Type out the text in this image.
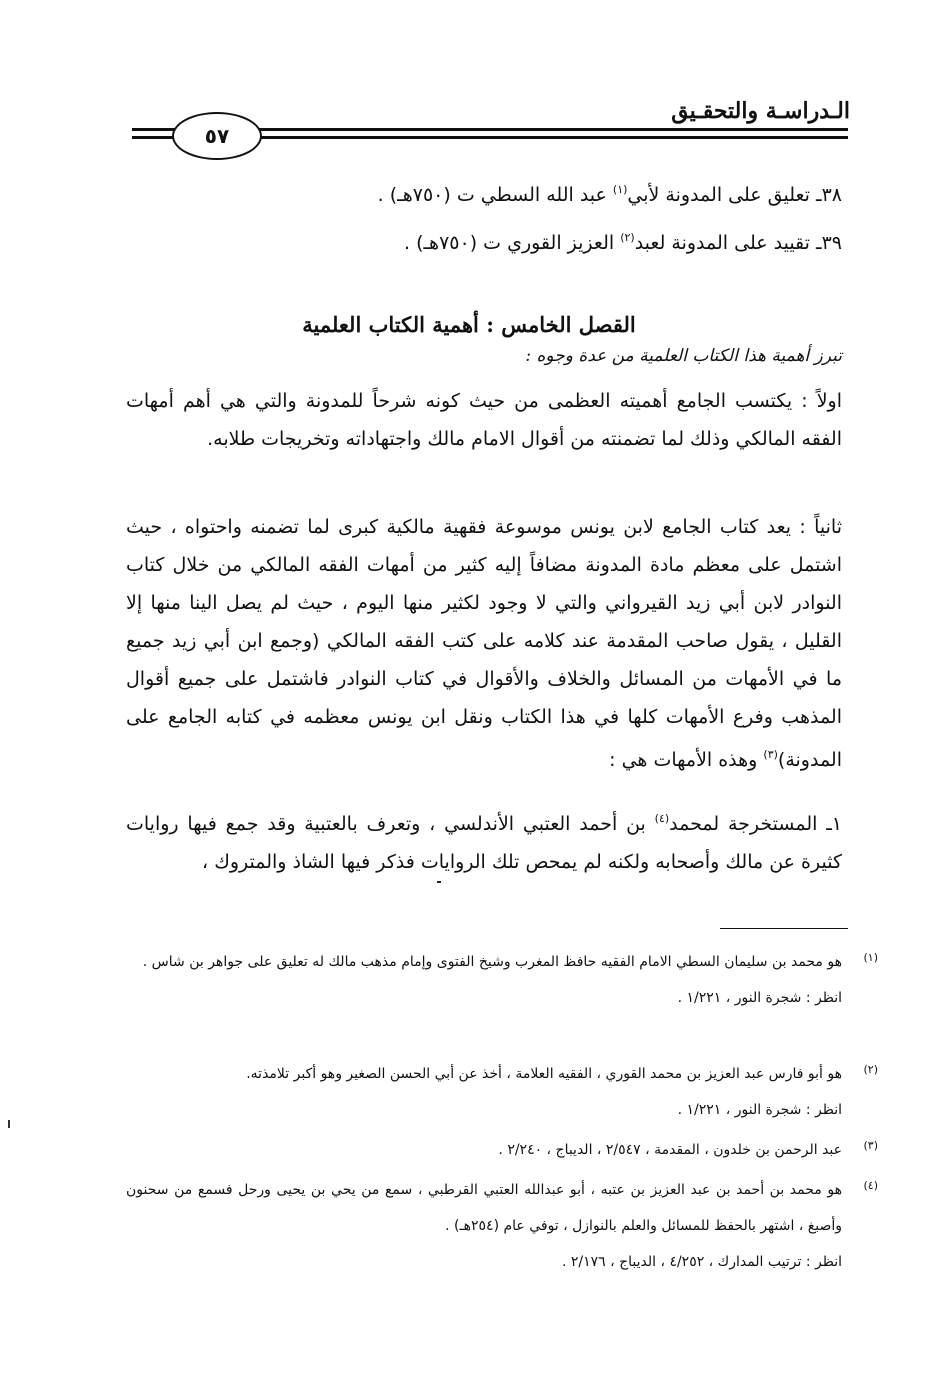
الـدراسـة والتحقـيق
٥٧
٣٨ـ تعليق على المدونة لأبي$^{(١)}$ عبد الله السطي ت (٧٥٠هـ) .
٣٩ـ تقييد على المدونة لعبد$^{(٢)}$ العزيز القوري ت (٧٥٠هـ) .
القصل الخامس : أهمية الكتاب العلمية
تبرز أهمية هذا الكتاب العلمية من عدة وجوه :
اولاً : يكتسب الجامع أهميته العظمى من حيث كونه شرحاً للمدونة والتي هي أهم أمهات الفقه المالكي وذلك لما تضمنته من أقوال الامام مالك واجتهاداته وتخريجات طلابه.
ثانياً : يعد كتاب الجامع لابن يونس موسوعة فقهية مالكية كبرى لما تضمنه واحتواه ، حيث اشتمل على معظم مادة المدونة مضافاً إليه كثير من أمهات الفقه المالكي من خلال كتاب النوادر لابن أبي زيد القيرواني والتي لا وجود لكثير منها اليوم ، حيث لم يصل الينا منها إلا القليل ، يقول صاحب المقدمة عند كلامه على كتب الفقه المالكي (وجمع ابن أبي زيد جميع ما في الأمهات من المسائل والخلاف والأقوال في كتاب النوادر فاشتمل على جميع أقوال المذهب وفرع الأمهات كلها في هذا الكتاب ونقل ابن يونس معظمه في كتابه الجامع على المدونة)$^{(٣)}$ وهذه الأمهات هي :
١ـ المستخرجة لمحمد$^{(٤)}$ بن أحمد العتبي الأندلسي ، وتعرف بالعتبية وقد جمع فيها روايات كثيرة عن مالك وأصحابه ولكنه لم يمحص تلك الروايات فذكر فيها الشاذ والمتروك ،
(١)
هو محمد بن سليمان السطي الامام الفقيه حافظ المغرب وشيخ الفتوى وإمام مذهب مالك له تعليق على جواهر بن شاس .
انظر : شجرة النور ، ١/٢٢١ .
(٢)
هو أبو فارس عبد العزيز بن محمد القوري ، الفقيه العلامة ، أخذ عن أبي الحسن الصغير وهو أكبر تلامذته.
انظر : شجرة النور ، ١/٢٢١ .
(٣)
عبد الرحمن بن خلدون ، المقدمة ، ٢/٥٤٧ ، الديباج ، ٢/٢٤٠ .
(٤)
هو محمد بن أحمد بن عبد العزيز بن عتبه ، أبو عبدالله العتبي القرطبي ، سمع من يحي بن يحيى ورحل فسمع من سحنون وأصبغ ، اشتهر بالحفظ للمسائل والعلم بالنوازل ، توفي عام (٢٥٤هـ) .
انظر : ترتيب المدارك ، ٤/٢٥٢ ، الديباج ، ٢/١٧٦ .
